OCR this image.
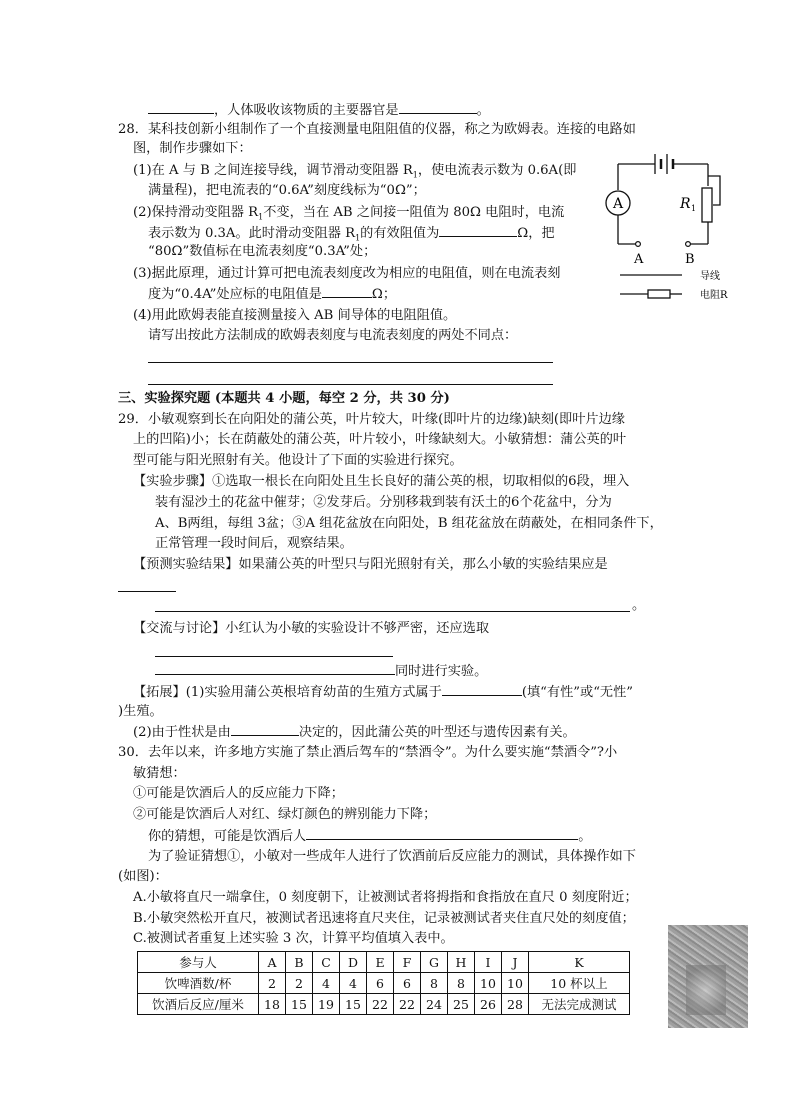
，人体吸收该物质的主要器官是	。
28．某科技创新小组制作了一个直接测量电阻阻值的仪器，称之为欧姆表。连接的电路如
图，制作步骤如下：
(1)在 A 与 B 之间连接导线，调节滑动变阻器 $R_1$，使电流表示数为 0.6A(即
满量程)，把电流表的“0.6A”刻度线标为“0Ω”；
(2)保持滑动变阻器 $R_1$不变，当在 AB 之间接一阻值为 80Ω 电阻时，电流
表示数为 0.3A。此时滑动变阻器 $R_1$的有效阻值为	Ω，把
“80Ω”数值标在电流表刻度“0.3A”处；
(3)据此原理，通过计算可把电流表刻度改为相应的电阻值，则在电流表刻
度为“0.4A”处应标的电阻值是	Ω；
(4)用此欧姆表能直接测量接入 AB 间导体的电阻阻值。
请写出按此方法制成的欧姆表刻度与电流表刻度的两处不同点：
A	R 1
A	B
导线
电阻R
三、实验探究题 (本题共 4 小题，每空 2 分，共 30 分)
29．小敏观察到长在向阳处的蒲公英，叶片较大，叶缘(即叶片的边缘)缺刻(即叶片边缘
上的凹陷)小；长在荫蔽处的蒲公英，叶片较小，叶缘缺刻大。小敏猜想：蒲公英的叶
型可能与阳光照射有关。他设计了下面的实验进行探究。
【实验步骤】①选取一根长在向阳处且生长良好的蒲公英的根，切取相似的6段，埋入
装有湿沙土的花盆中催芽；②发芽后。分别移栽到装有沃土的6个花盆中，分为
A、B两组，每组 3盆；③A 组花盆放在向阳处，B 组花盆放在荫蔽处，在相同条件下，
正常管理一段时间后，观察结果。
【预测实验结果】如果蒲公英的叶型只与阳光照射有关，那么小敏的实验结果应是
。
【交流与讨论】小红认为小敏的实验设计不够严密，还应选取
同时进行实验。
【拓展】(1)实验用蒲公英根培育幼苗的生殖方式属于	(填“有性”或“无性”
)生殖。
(2)由于性状是由	决定的，因此蒲公英的叶型还与遗传因素有关。
30．去年以来，许多地方实施了禁止酒后驾车的“禁酒令”。为什么要实施“禁酒令”?小
敏猜想：
①可能是饮酒后人的反应能力下降；
②可能是饮酒后人对红、绿灯颜色的辨别能力下降；
你的猜想，可能是饮酒后人	。
为了验证猜想①，小敏对一些成年人进行了饮酒前后反应能力的测试，具体操作如下
(如图)：
A.小敏将直尺一端拿住，0 刻度朝下，让被测试者将拇指和食指放在直尺 0 刻度附近；
B.小敏突然松开直尺，被测试者迅速将直尺夹住，记录被测试者夹住直尺处的刻度值；
C.被测试者重复上述实验 3 次，计算平均值填入表中。
参与人	A	B	C	D	E	F	G	H	I	J	K
饮啤酒数/杯	2	2	4	4	6	6	8	8	10	10	10 杯以上
饮酒后反应/厘米	18	15	19	15	22	22	24	25	26	28	无法完成测试
